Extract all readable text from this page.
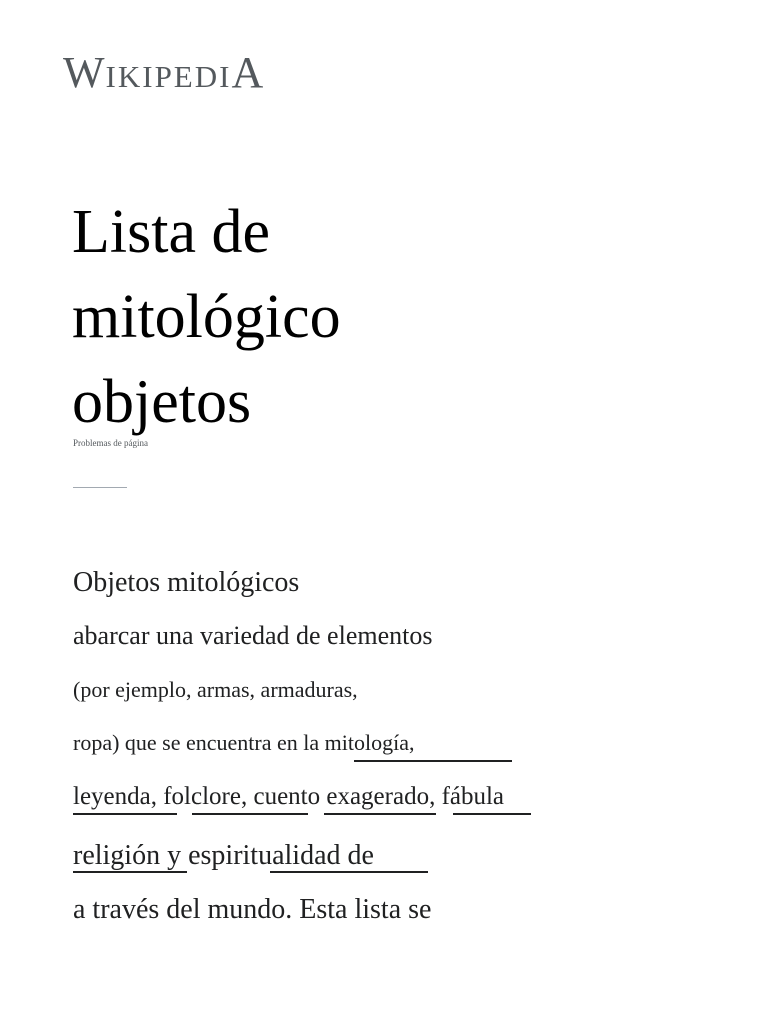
WIKIPEDIA
Lista de
mitológico
objetos
Problemas de página
Objetos mitológicos
abarcar una variedad de elementos
(por ejemplo, armas, armaduras,
ropa) que se encuentra en la mitología,
leyenda, folclore, cuento exagerado, fábula
religión y espiritualidad de
a través del mundo. Esta lista se
